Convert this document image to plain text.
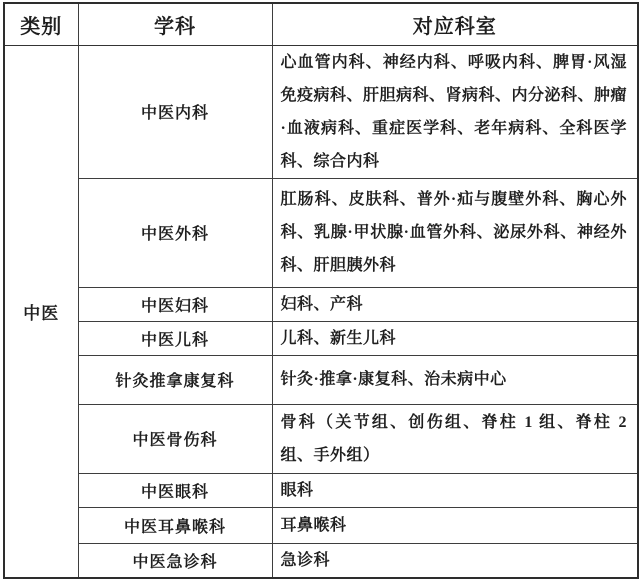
类别	学科	对应科室
中医	中医内科	心血管内科、神经内科、呼吸内科、脾胃·风湿免疫病科、肝胆病科、肾病科、内分泌科、肿瘤·血液病科、重症医学科、老年病科、全科医学科、综合内科
	中医外科	肛肠科、皮肤科、普外·疝与腹壁外科、胸心外科、乳腺·甲状腺·血管外科、泌尿外科、神经外科、肝胆胰外科
	中医妇科	妇科、产科
	中医儿科	儿科、新生儿科
	针灸推拿康复科	针灸·推拿·康复科、治未病中心
	中医骨伤科	骨科（关节组、创伤组、脊柱 1 组、脊柱 2 组、手外组）
	中医眼科	眼科
	中医耳鼻喉科	耳鼻喉科
	中医急诊科	急诊科
